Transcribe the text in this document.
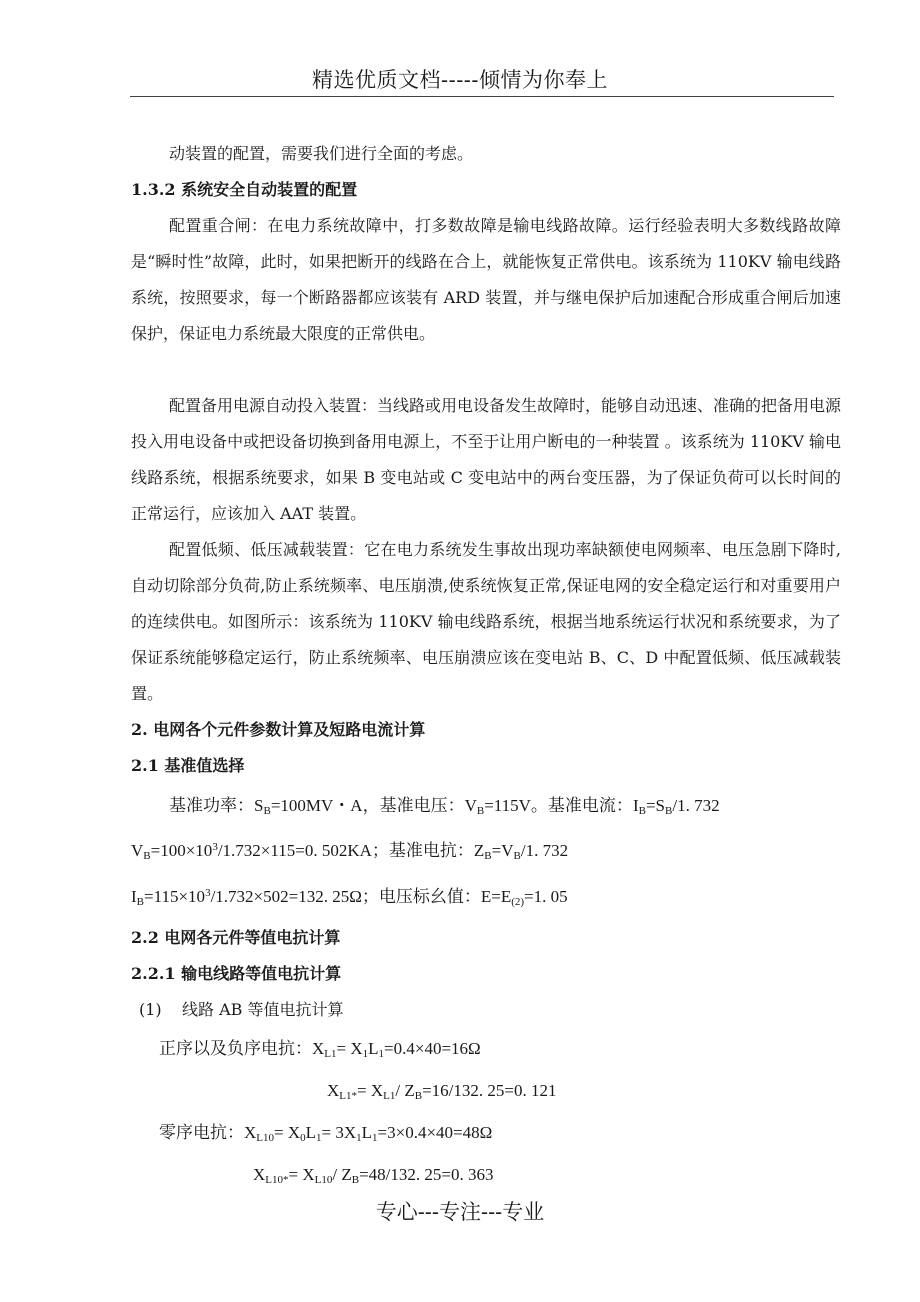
精选优质文档-----倾情为你奉上

动装置的配置，需要我们进行全面的考虑。

1.3.2 系统安全自动装置的配置

配置重合闸：在电力系统故障中，打多数故障是输电线路故障。运行经验表明大多数线路故障是“瞬时性”故障，此时，如果把断开的线路在合上，就能恢复正常供电。该系统为 110KV 输电线路系统，按照要求，每一个断路器都应该装有 ARD 装置，并与继电保护后加速配合形成重合闸后加速保护，保证电力系统最大限度的正常供电。

配置备用电源自动投入装置：当线路或用电设备发生故障时，能够自动迅速、准确的把备用电源投入用电设备中或把设备切换到备用电源上，不至于让用户断电的一种装置 。该系统为 110KV 输电线路系统，根据系统要求，如果 B 变电站或 C 变电站中的两台变压器，为了保证负荷可以长时间的正常运行，应该加入 AAT 装置。

配置低频、低压减载装置：它在电力系统发生事故出现功率缺额使电网频率、电压急剧下降时,自动切除部分负荷,防止系统频率、电压崩溃,使系统恢复正常,保证电网的安全稳定运行和对重要用户的连续供电。如图所示：该系统为 110KV 输电线路系统，根据当地系统运行状况和系统要求，为了保证系统能够稳定运行，防止系统频率、电压崩溃应该在变电站 B、C、D 中配置低频、低压减载装置。

2. 电网各个元件参数计算及短路电流计算

2.1 基准值选择

基准功率：$S_B=100MV$・A，基准电压：$V_B=115V$。基准电流：$I_B=S_B/1$. 732

$V_B=100\times 10^3/1.732\times 115=0$. 502KA；基准电抗：$Z_B=V_B/1$. 732

$I_B=115\times 10^3/1.732\times 502=132$. 25Ω；电压标幺值：$E=E_{(2)}=1$. 05

2.2 电网各元件等值电抗计算

2.2.1 输电线路等值电抗计算

(1) 线路 AB 等值电抗计算

正序以及负序电抗：$X_{L1}= X_1L_1=0.4\times 40=16\Omega$

$X_{L1*}= X_{L1}/$ $Z_B=16/132$. 25=0. 121

零序电抗：$X_{L10}= X_0L_1= 3X_1L_1=3\times 0.4\times 40=48\Omega$

$X_{L10*}= X_{L10}/$ $Z_B=48/132$. 25=0. 363

专心---专注---专业
